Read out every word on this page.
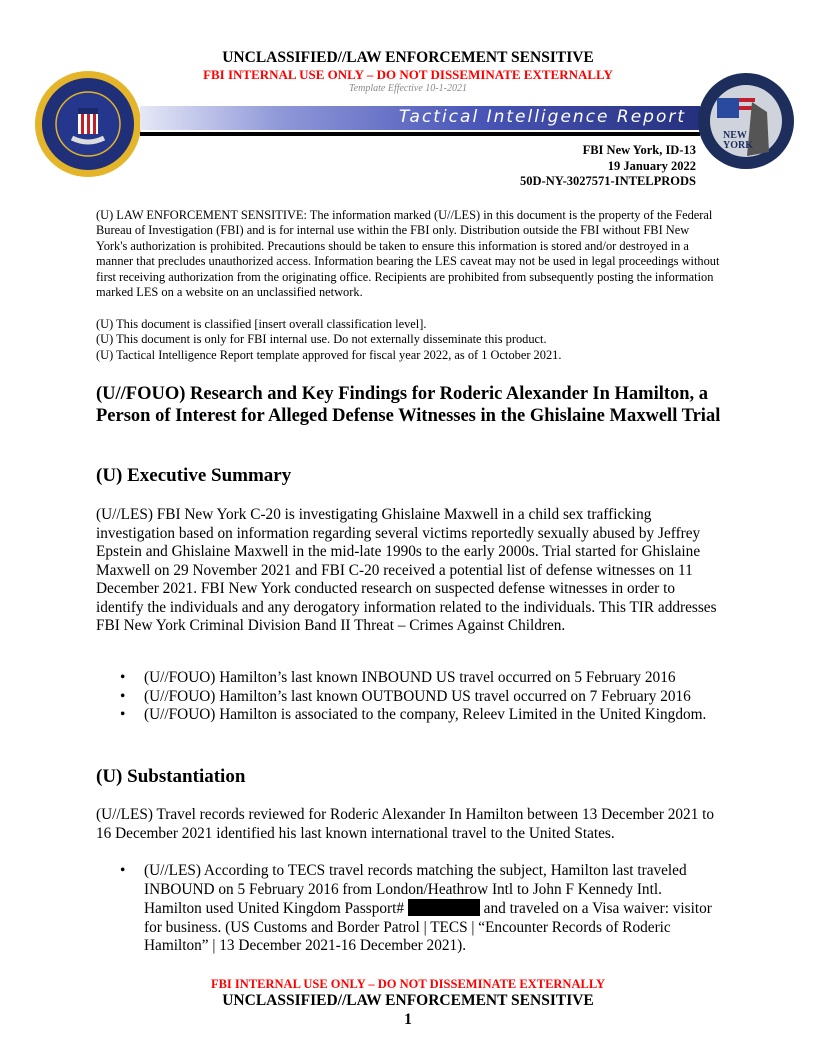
UNCLASSIFIED//LAW ENFORCEMENT SENSITIVE
FBI INTERNAL USE ONLY – DO NOT DISSEMINATE EXTERNALLY
Template Effective 10-1-2021
Tactical Intelligence Report
NEW
YORK
FBI New York, ID-13
19 January 2022
50D-NY-3027571-INTELPRODS
(U) LAW ENFORCEMENT SENSITIVE: The information marked (U//LES) in this document is the property of the Federal Bureau of Investigation (FBI) and is for internal use within the FBI only. Distribution outside the FBI without FBI New York's authorization is prohibited. Precautions should be taken to ensure this information is stored and/or destroyed in a manner that precludes unauthorized access. Information bearing the LES caveat may not be used in legal proceedings without first receiving authorization from the originating office. Recipients are prohibited from subsequently posting the information marked LES on a website on an unclassified network.
(U) This document is classified [insert overall classification level].
(U) This document is only for FBI internal use. Do not externally disseminate this product.
(U) Tactical Intelligence Report template approved for fiscal year 2022, as of 1 October 2021.
(U//FOUO) Research and Key Findings for Roderic Alexander In Hamilton, a Person of Interest for Alleged Defense Witnesses in the Ghislaine Maxwell Trial
(U) Executive Summary
(U//LES) FBI New York C-20 is investigating Ghislaine Maxwell in a child sex trafficking investigation based on information regarding several victims reportedly sexually abused by Jeffrey Epstein and Ghislaine Maxwell in the mid-late 1990s to the early 2000s. Trial started for Ghislaine Maxwell on 29 November 2021 and FBI C-20 received a potential list of defense witnesses on 11 December 2021. FBI New York conducted research on suspected defense witnesses in order to identify the individuals and any derogatory information related to the individuals. This TIR addresses FBI New York Criminal Division Band II Threat – Crimes Against Children.
• (U//FOUO) Hamilton’s last known INBOUND US travel occurred on 5 February 2016
• (U//FOUO) Hamilton’s last known OUTBOUND US travel occurred on 7 February 2016
• (U//FOUO) Hamilton is associated to the company, Releev Limited in the United Kingdom.
(U) Substantiation
(U//LES) Travel records reviewed for Roderic Alexander In Hamilton between 13 December 2021 to 16 December 2021 identified his last known international travel to the United States.
• (U//LES) According to TECS travel records matching the subject, Hamilton last traveled INBOUND on 5 February 2016 from London/Heathrow Intl to John F Kennedy Intl. Hamilton used United Kingdom Passport#	and traveled on a Visa waiver: visitor for business. (US Customs and Border Patrol | TECS | “Encounter Records of Roderic Hamilton” | 13 December 2021-16 December 2021).
FBI INTERNAL USE ONLY – DO NOT DISSEMINATE EXTERNALLY
UNCLASSIFIED//LAW ENFORCEMENT SENSITIVE
1
